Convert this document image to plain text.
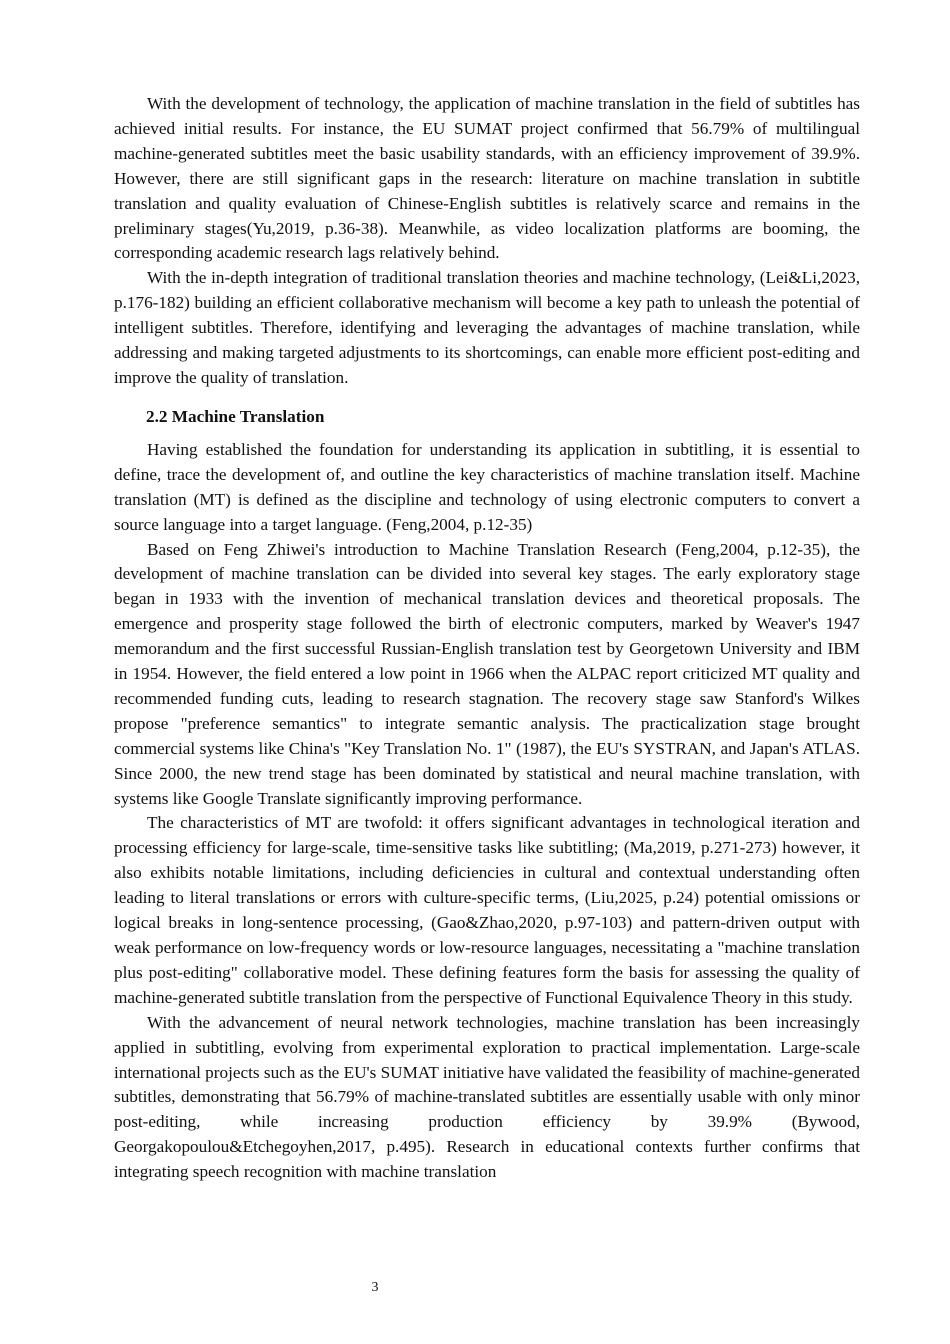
With the development of technology, the application of machine translation in the field of subtitles has achieved initial results. For instance, the EU SUMAT project confirmed that 56.79% of multilingual machine-generated subtitles meet the basic usability standards, with an efficiency improvement of 39.9%. However, there are still significant gaps in the research: literature on machine translation in subtitle translation and quality evaluation of Chinese-English subtitles is relatively scarce and remains in the preliminary stages(Yu,2019, p.36-38). Meanwhile, as video localization platforms are booming, the corresponding academic research lags relatively behind.

With the in-depth integration of traditional translation theories and machine technology, (Lei&Li,2023, p.176-182) building an efficient collaborative mechanism will become a key path to unleash the potential of intelligent subtitles. Therefore, identifying and leveraging the advantages of machine translation, while addressing and making targeted adjustments to its shortcomings, can enable more efficient post-editing and improve the quality of translation.

2.2 Machine Translation

Having established the foundation for understanding its application in subtitling, it is essential to define, trace the development of, and outline the key characteristics of machine translation itself. Machine translation (MT) is defined as the discipline and technology of using electronic computers to convert a source language into a target language. (Feng,2004, p.12-35)

Based on Feng Zhiwei's introduction to Machine Translation Research (Feng,2004, p.12-35), the development of machine translation can be divided into several key stages. The early exploratory stage began in 1933 with the invention of mechanical translation devices and theoretical proposals. The emergence and prosperity stage followed the birth of electronic computers, marked by Weaver's 1947 memorandum and the first successful Russian-English translation test by Georgetown University and IBM in 1954. However, the field entered a low point in 1966 when the ALPAC report criticized MT quality and recommended funding cuts, leading to research stagnation. The recovery stage saw Stanford's Wilkes propose "preference semantics" to integrate semantic analysis. The practicalization stage brought commercial systems like China's "Key Translation No. 1" (1987), the EU's SYSTRAN, and Japan's ATLAS. Since 2000, the new trend stage has been dominated by statistical and neural machine translation, with systems like Google Translate significantly improving performance.

The characteristics of MT are twofold: it offers significant advantages in technological iteration and processing efficiency for large-scale, time-sensitive tasks like subtitling; (Ma,2019, p.271-273) however, it also exhibits notable limitations, including deficiencies in cultural and contextual understanding often leading to literal translations or errors with culture-specific terms, (Liu,2025, p.24) potential omissions or logical breaks in long-sentence processing, (Gao&Zhao,2020, p.97-103) and pattern-driven output with weak performance on low-frequency words or low-resource languages, necessitating a "machine translation plus post-editing" collaborative model. These defining features form the basis for assessing the quality of machine-generated subtitle translation from the perspective of Functional Equivalence Theory in this study.

With the advancement of neural network technologies, machine translation has been increasingly applied in subtitling, evolving from experimental exploration to practical implementation. Large-scale international projects such as the EU's SUMAT initiative have validated the feasibility of machine-generated subtitles, demonstrating that 56.79% of machine-translated subtitles are essentially usable with only minor post-editing, while increasing production efficiency by 39.9% (Bywood, Georgakopoulou&Etchegoyhen,2017, p.495). Research in educational contexts further confirms that integrating speech recognition with machine translation

3
